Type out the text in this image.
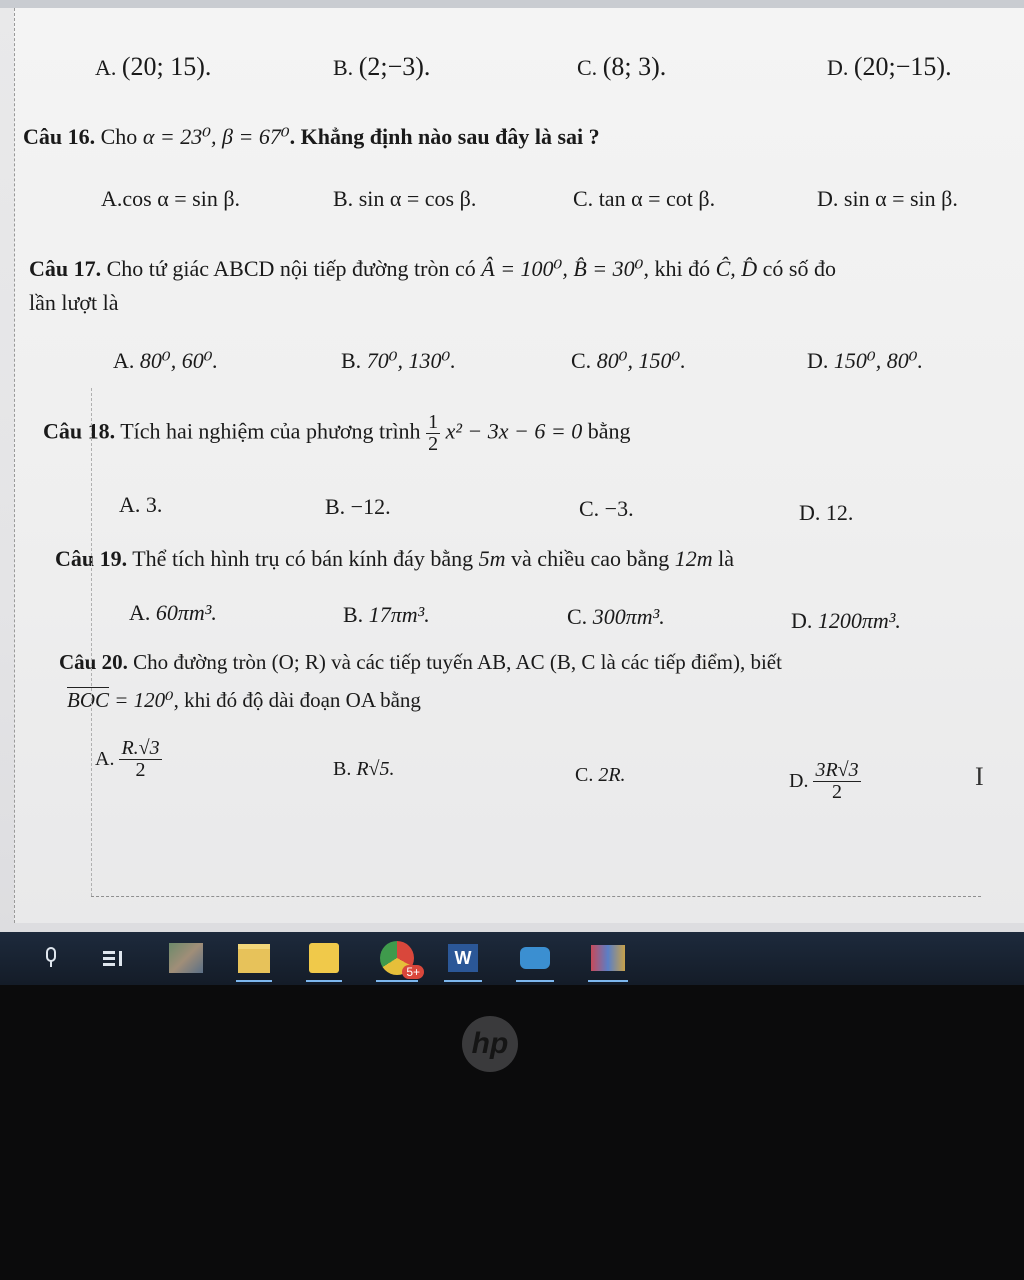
A. (20; 15).	B. (2;−3).	C. (8; 3).	D. (20;−15).
Câu 16. Cho α = 23⁰, β = 67⁰. Khẳng định nào sau đây là sai ?
A.cos α = sin β.	B. sin α = cos β.	C. tan α = cot β.	D. sin α = sin β.
Câu 17. Cho tứ giác ABCD nội tiếp đường tròn có Â = 100⁰, B̂ = 30⁰, khi đó Ĉ, D̂ có số đo
lần lượt là
A. 80⁰, 60⁰.	B. 70⁰, 130⁰.	C. 80⁰, 150⁰.	D. 150⁰, 80⁰.
Câu 18. Tích hai nghiệm của phương trình $\frac{1}{2} x^2 - 3x - 6 = 0$ bằng
A. 3.	B. −12.	C. −3.	D. 12.
Câu 19. Thể tích hình trụ có bán kính đáy bằng 5m và chiều cao bằng 12m là
A. 60πm³.	B. 17πm³.	C. 300πm³.	D. 1200πm³.
Câu 20. Cho đường tròn (O; R) và các tiếp tuyến AB, AC (B, C là các tiếp điểm), biết
BOC = 120⁰, khi đó độ dài đoạn OA bằng
A. $\frac{R.√3}{2}$	B. R√5.	C. 2R.	D. $\frac{3R√3}{2}$	I
5+
W
hp
